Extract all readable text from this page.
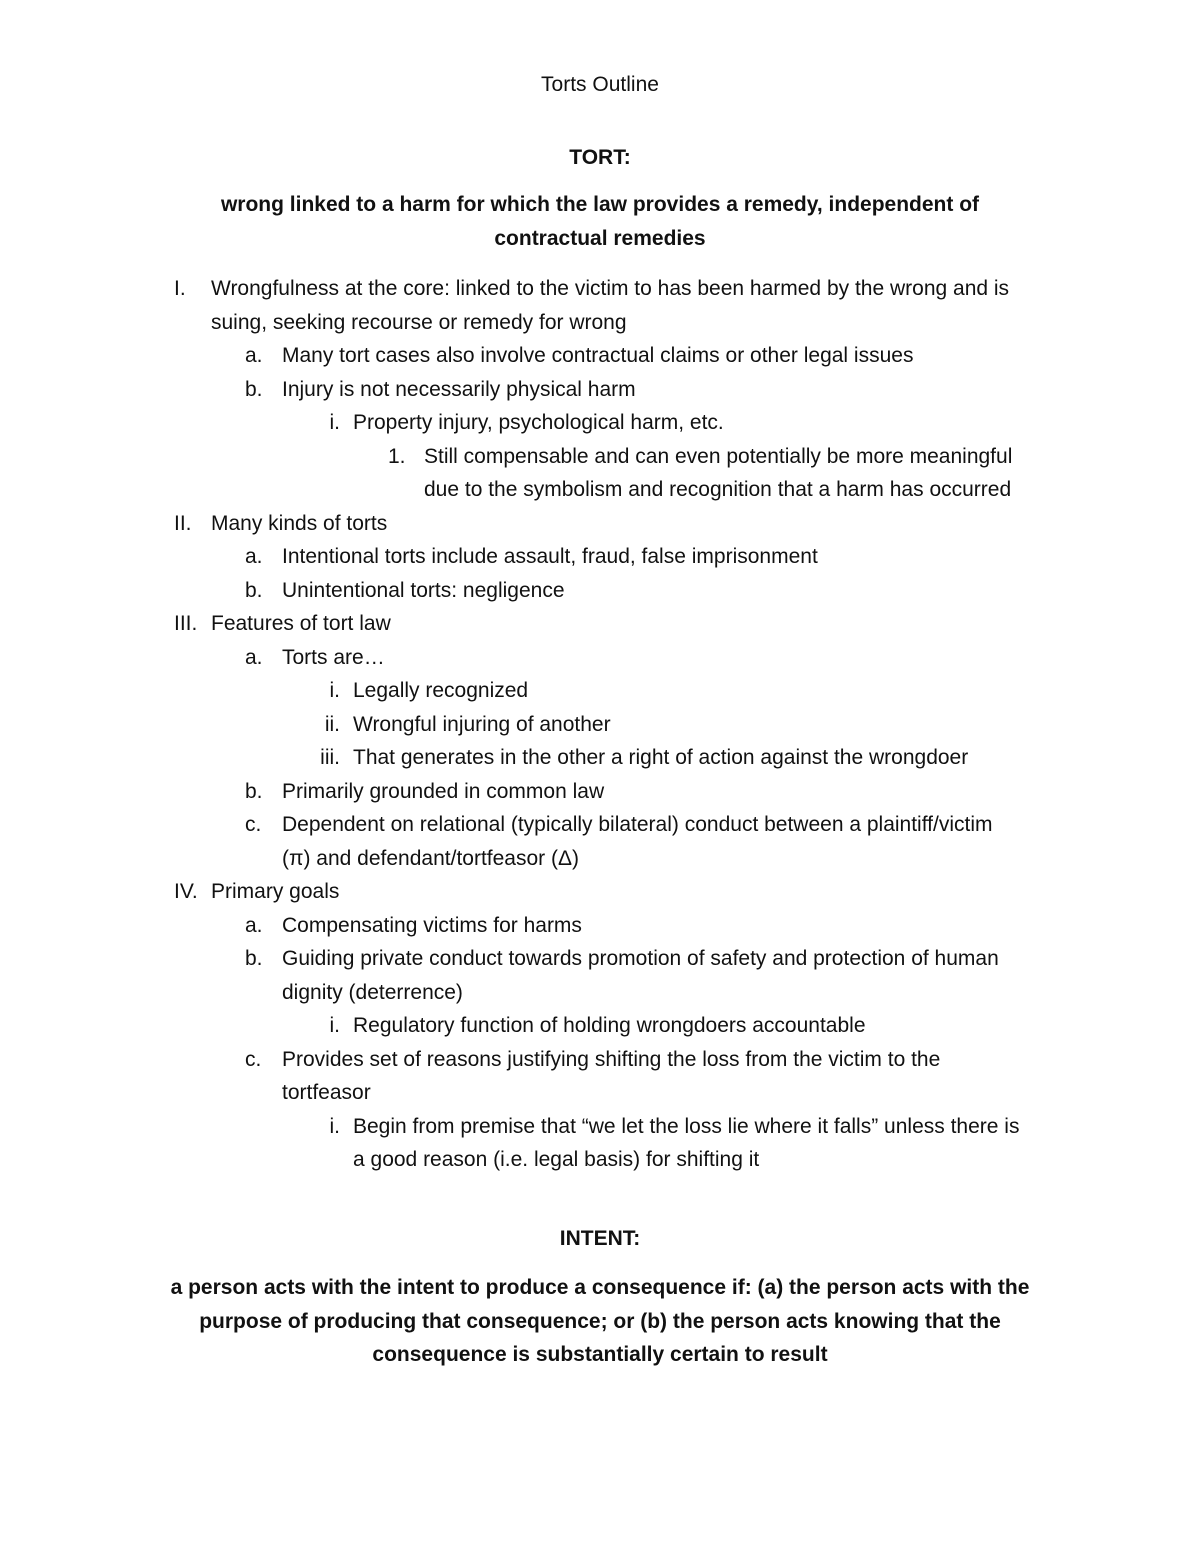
Torts Outline
TORT:
wrong linked to a harm for which the law provides a remedy, independent of contractual remedies
I. Wrongfulness at the core: linked to the victim to has been harmed by the wrong and is suing, seeking recourse or remedy for wrong
a. Many tort cases also involve contractual claims or other legal issues
b. Injury is not necessarily physical harm
i. Property injury, psychological harm, etc.
1. Still compensable and can even potentially be more meaningful due to the symbolism and recognition that a harm has occurred
II. Many kinds of torts
a. Intentional torts include assault, fraud, false imprisonment
b. Unintentional torts: negligence
III. Features of tort law
a. Torts are…
i. Legally recognized
ii. Wrongful injuring of another
iii. That generates in the other a right of action against the wrongdoer
b. Primarily grounded in common law
c. Dependent on relational (typically bilateral) conduct between a plaintiff/victim (π) and defendant/tortfeasor (Δ)
IV. Primary goals
a. Compensating victims for harms
b. Guiding private conduct towards promotion of safety and protection of human dignity (deterrence)
i. Regulatory function of holding wrongdoers accountable
c. Provides set of reasons justifying shifting the loss from the victim to the tortfeasor
i. Begin from premise that “we let the loss lie where it falls” unless there is a good reason (i.e. legal basis) for shifting it
INTENT:
a person acts with the intent to produce a consequence if: (a) the person acts with the purpose of producing that consequence; or (b) the person acts knowing that the consequence is substantially certain to result
